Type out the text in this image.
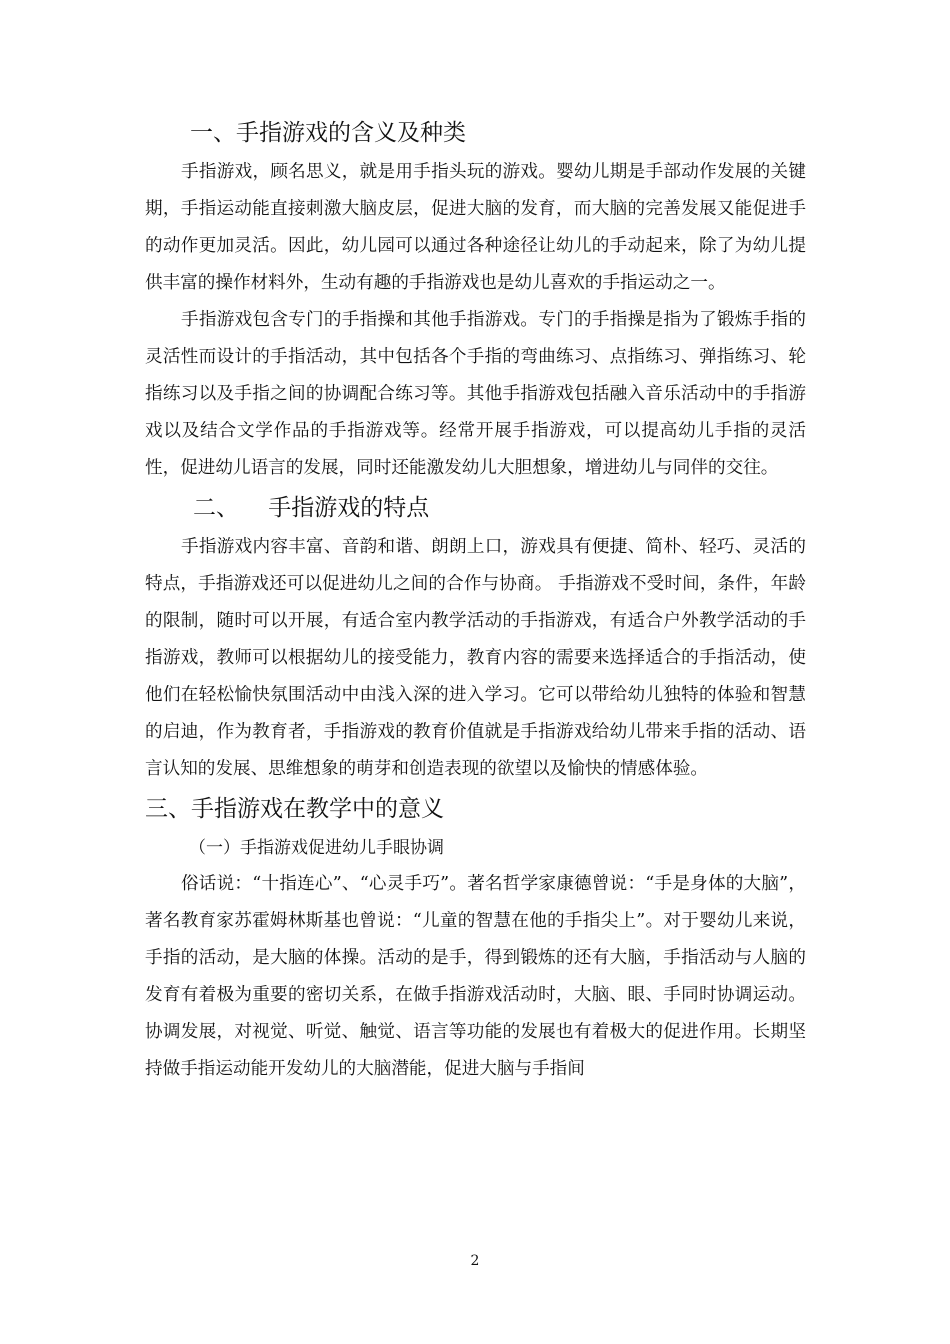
一、手指游戏的含义及种类

手指游戏，顾名思义，就是用手指头玩的游戏。婴幼儿期是手部动作发展的关键期，手指运动能直接刺激大脑皮层，促进大脑的发育，而大脑的完善发展又能促进手的动作更加灵活。因此，幼儿园可以通过各种途径让幼儿的手动起来，除了为幼儿提供丰富的操作材料外，生动有趣的手指游戏也是幼儿喜欢的手指运动之一。

手指游戏包含专门的手指操和其他手指游戏。专门的手指操是指为了锻炼手指的灵活性而设计的手指活动，其中包括各个手指的弯曲练习、点指练习、弹指练习、轮指练习以及手指之间的协调配合练习等。其他手指游戏包括融入音乐活动中的手指游戏以及结合文学作品的手指游戏等。经常开展手指游戏，可以提高幼儿手指的灵活性，促进幼儿语言的发展，同时还能激发幼儿大胆想象，增进幼儿与同伴的交往。

二、    手指游戏的特点

手指游戏内容丰富、音韵和谐、朗朗上口，游戏具有便捷、简朴、轻巧、灵活的特点，手指游戏还可以促进幼儿之间的合作与协商。 手指游戏不受时间，条件，年龄的限制，随时可以开展，有适合室内教学活动的手指游戏，有适合户外教学活动的手指游戏，教师可以根据幼儿的接受能力，教育内容的需要来选择适合的手指活动，使他们在轻松愉快氛围活动中由浅入深的进入学习。它可以带给幼儿独特的体验和智慧的启迪，作为教育者，手指游戏的教育价值就是手指游戏给幼儿带来手指的活动、语言认知的发展、思维想象的萌芽和创造表现的欲望以及愉快的情感体验。

三、手指游戏在教学中的意义
（一）手指游戏促进幼儿手眼协调

俗话说：“十指连心”、“心灵手巧”。著名哲学家康德曾说：“手是身体的大脑”，著名教育家苏霍姆林斯基也曾说：“儿童的智慧在他的手指尖上”。对于婴幼儿来说，手指的活动，是大脑的体操。活动的是手，得到锻炼的还有大脑，手指活动与人脑的发育有着极为重要的密切关系，在做手指游戏活动时，大脑、眼、手同时协调运动。协调发展，对视觉、听觉、触觉、语言等功能的发展也有着极大的促进作用。长期坚持做手指运动能开发幼儿的大脑潜能，促进大脑与手指间

2
